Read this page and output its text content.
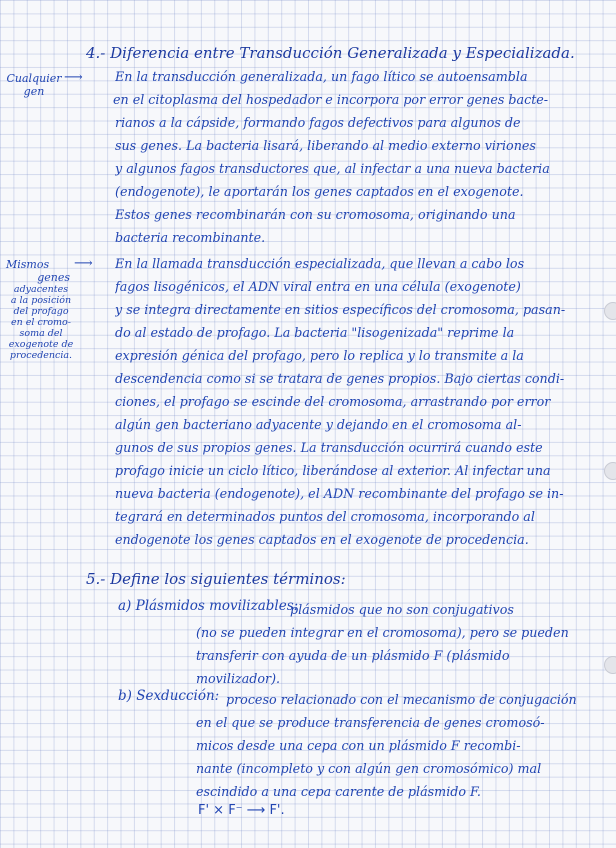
4.- Diferencia entre Transducción Generalizada y Especializada.
Cualquier
gen
⟶	En la transducción generalizada, un fago lítico se autoensambla
en el citoplasma del hospedador e incorpora por error genes bacte-
rianos a la cápside, formando fagos defectivos para algunos de
sus genes. La bacteria lisará, liberando al medio externo viriones
y algunos fagos transductores que, al infectar a una nueva bacteria
(endogenote), le aportarán los genes captados en el exogenote.
Estos genes recombinarán con su cromosoma, originando una
bacteria recombinante.
Mismos
genes
adyacentes
a la posición
del profago
en el cromo-
soma del
exogenote de
procedencia.
⟶ En la llamada transducción especializada, que llevan a cabo los
fagos lisogénicos, el ADN viral entra en una célula (exogenote)
y se integra directamente en sitios específicos del cromosoma, pasan-
do al estado de profago. La bacteria "lisogenizada" reprime la
expresión génica del profago, pero lo replica y lo transmite a la
descendencia como si se tratara de genes propios. Bajo ciertas condi-
ciones, el profago se escinde del cromosoma, arrastrando por error
algún gen bacteriano adyacente y dejando en el cromosoma al-
gunos de sus propios genes. La transducción ocurrirá cuando este
profago inicie un ciclo lítico, liberándose al exterior. Al infectar una
nueva bacteria (endogenote), el ADN recombinante del profago se in-
tegrará en determinados puntos del cromosoma, incorporando al
endogenote los genes captados en el exogenote de procedencia.
5.- Define los siguientes términos:
a) Plásmidos movilizables:
plásmidos que no son conjugativos
(no se pueden integrar en el cromosoma), pero se pueden
transferir con ayuda de un plásmido F (plásmido
movilizador).
b) Sexducción: proceso relacionado con el mecanismo de conjugación
en el que se produce transferencia de genes cromosó-
micos desde una cepa con un plásmido F recombi-
nante (incompleto y con algún gen cromosómico) mal
escindido a una cepa carente de plásmido F.
F' × F⁻ ⟶ F'.
